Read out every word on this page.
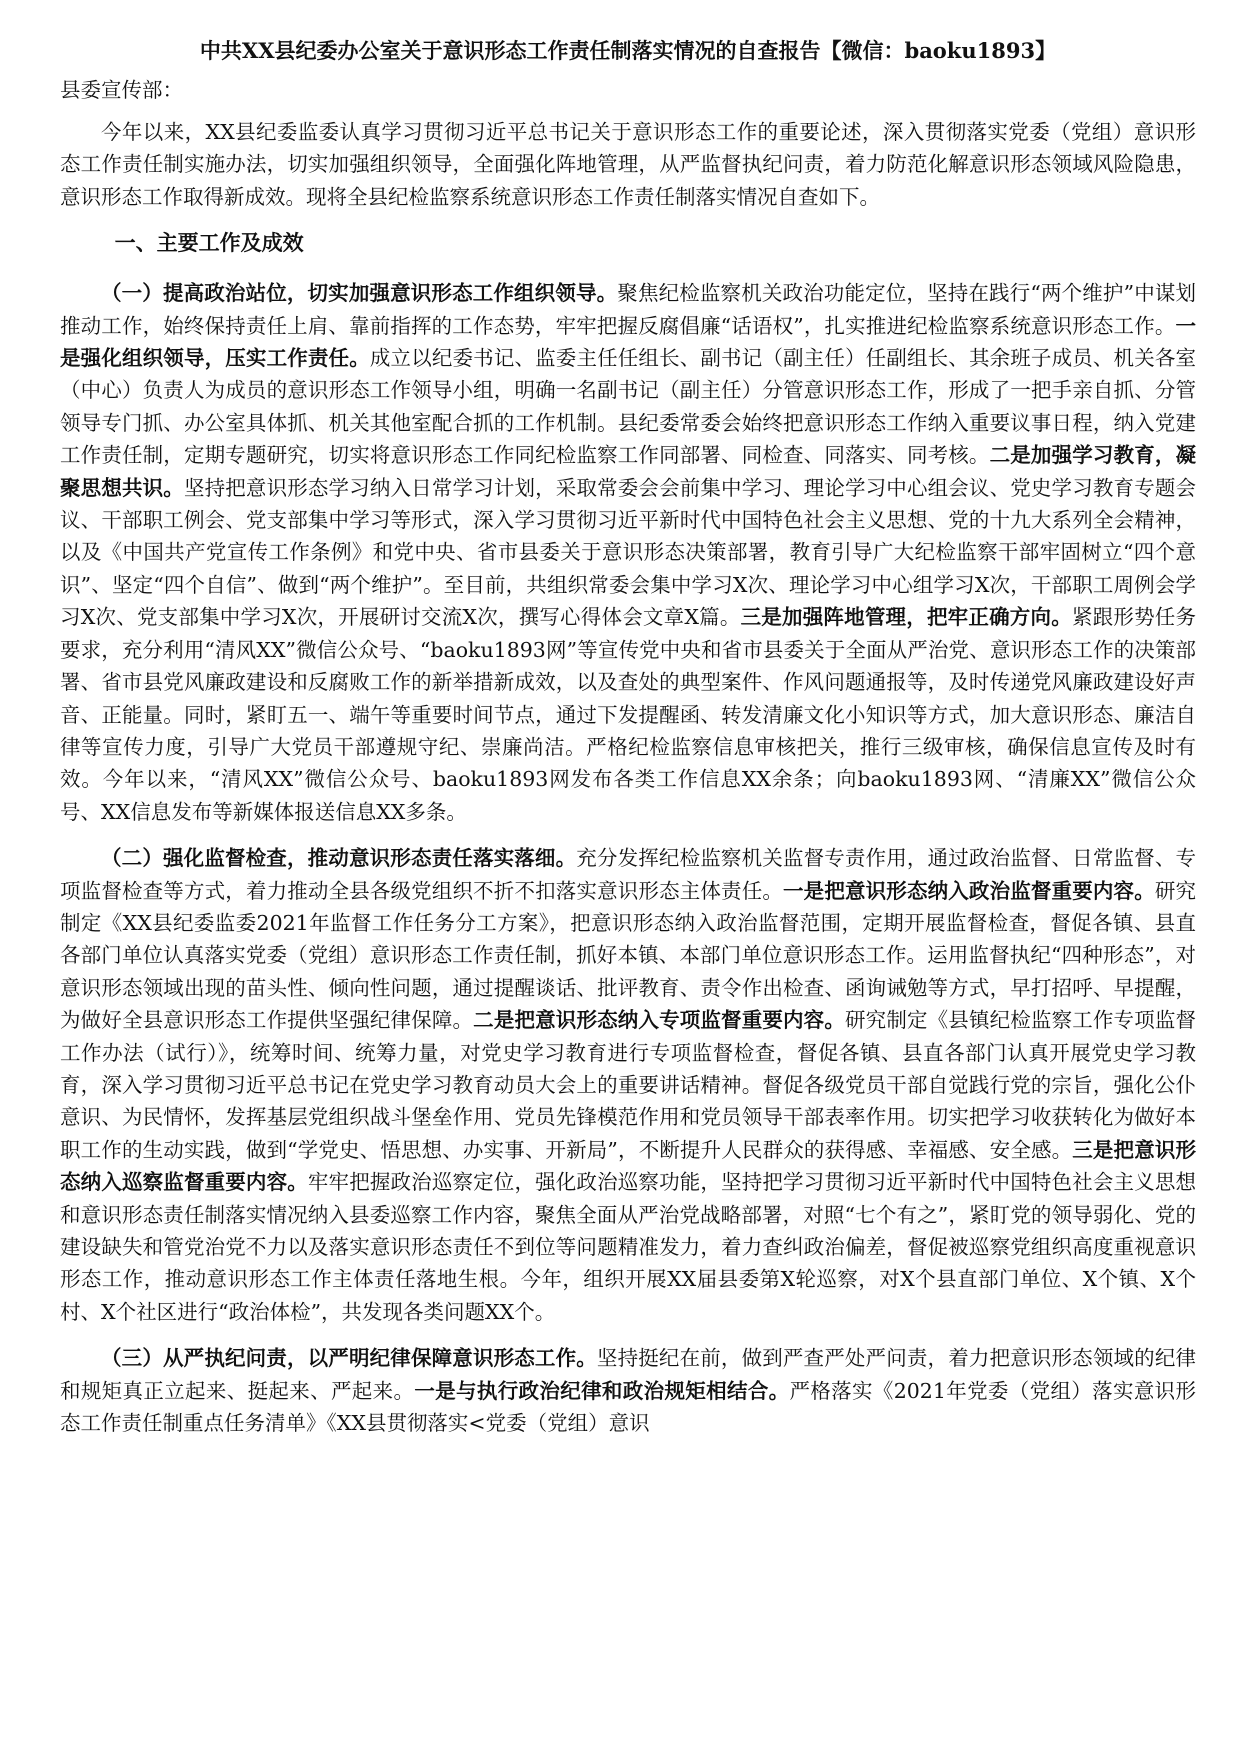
中共XX县纪委办公室关于意识形态工作责任制落实情况的自查报告【微信：baoku1893】
县委宣传部：

今年以来，XX县纪委监委认真学习贯彻习近平总书记关于意识形态工作的重要论述，深入贯彻落实党委（党组）意识形态工作责任制实施办法，切实加强组织领导，全面强化阵地管理，从严监督执纪问责，着力防范化解意识形态领域风险隐患，意识形态工作取得新成效。现将全县纪检监察系统意识形态工作责任制落实情况自查如下。

一、主要工作及成效

（一）提高政治站位，切实加强意识形态工作组织领导。聚焦纪检监察机关政治功能定位，坚持在践行“两个维护”中谋划推动工作，始终保持责任上肩、靠前指挥的工作态势，牢牢把握反腐倡廉“话语权”，扎实推进纪检监察系统意识形态工作。一是强化组织领导，压实工作责任。成立以纪委书记、监委主任任组长、副书记（副主任）任副组长、其余班子成员、机关各室（中心）负责人为成员的意识形态工作领导小组，明确一名副书记（副主任）分管意识形态工作，形成了一把手亲自抓、分管领导专门抓、办公室具体抓、机关其他室配合抓的工作机制。县纪委常委会始终把意识形态工作纳入重要议事日程，纳入党建工作责任制，定期专题研究，切实将意识形态工作同纪检监察工作同部署、同检查、同落实、同考核。二是加强学习教育，凝聚思想共识。坚持把意识形态学习纳入日常学习计划，采取常委会会前集中学习、理论学习中心组会议、党史学习教育专题会议、干部职工例会、党支部集中学习等形式，深入学习贯彻习近平新时代中国特色社会主义思想、党的十九大系列全会精神，以及《中国共产党宣传工作条例》和党中央、省市县委关于意识形态决策部署，教育引导广大纪检监察干部牢固树立“四个意识”、坚定“四个自信”、做到“两个维护”。至目前，共组织常委会集中学习X次、理论学习中心组学习X次，干部职工周例会学习X次、党支部集中学习X次，开展研讨交流X次，撰写心得体会文章X篇。三是加强阵地管理，把牢正确方向。紧跟形势任务要求，充分利用“清风XX”微信公众号、“baoku1893网”等宣传党中央和省市县委关于全面从严治党、意识形态工作的决策部署、省市县党风廉政建设和反腐败工作的新举措新成效，以及查处的典型案件、作风问题通报等，及时传递党风廉政建设好声音、正能量。同时，紧盯五一、端午等重要时间节点，通过下发提醒函、转发清廉文化小知识等方式，加大意识形态、廉洁自律等宣传力度，引导广大党员干部遵规守纪、崇廉尚洁。严格纪检监察信息审核把关，推行三级审核，确保信息宣传及时有效。今年以来，“清风XX”微信公众号、baoku1893网发布各类工作信息XX余条；向baoku1893网、“清廉XX”微信公众号、XX信息发布等新媒体报送信息XX多条。

（二）强化监督检查，推动意识形态责任落实落细。充分发挥纪检监察机关监督专责作用，通过政治监督、日常监督、专项监督检查等方式，着力推动全县各级党组织不折不扣落实意识形态主体责任。一是把意识形态纳入政治监督重要内容。研究制定《XX县纪委监委2021年监督工作任务分工方案》，把意识形态纳入政治监督范围，定期开展监督检查，督促各镇、县直各部门单位认真落实党委（党组）意识形态工作责任制，抓好本镇、本部门单位意识形态工作。运用监督执纪“四种形态”，对意识形态领域出现的苗头性、倾向性问题，通过提醒谈话、批评教育、责令作出检查、函询诫勉等方式，早打招呼、早提醒，为做好全县意识形态工作提供坚强纪律保障。二是把意识形态纳入专项监督重要内容。研究制定《县镇纪检监察工作专项监督工作办法（试行）》，统筹时间、统筹力量，对党史学习教育进行专项监督检查，督促各镇、县直各部门认真开展党史学习教育，深入学习贯彻习近平总书记在党史学习教育动员大会上的重要讲话精神。督促各级党员干部自觉践行党的宗旨，强化公仆意识、为民情怀，发挥基层党组织战斗堡垒作用、党员先锋模范作用和党员领导干部表率作用。切实把学习收获转化为做好本职工作的生动实践，做到“学党史、悟思想、办实事、开新局”，不断提升人民群众的获得感、幸福感、安全感。三是把意识形态纳入巡察监督重要内容。牢牢把握政治巡察定位，强化政治巡察功能，坚持把学习贯彻习近平新时代中国特色社会主义思想和意识形态责任制落实情况纳入县委巡察工作内容，聚焦全面从严治党战略部署，对照“七个有之”，紧盯党的领导弱化、党的建设缺失和管党治党不力以及落实意识形态责任不到位等问题精准发力，着力查纠政治偏差，督促被巡察党组织高度重视意识形态工作，推动意识形态工作主体责任落地生根。今年，组织开展XX届县委第X轮巡察，对X个县直部门单位、X个镇、X个村、X个社区进行“政治体检”，共发现各类问题XX个。

（三）从严执纪问责，以严明纪律保障意识形态工作。坚持挺纪在前，做到严查严处严问责，着力把意识形态领域的纪律和规矩真正立起来、挺起来、严起来。一是与执行政治纪律和政治规矩相结合。严格落实《2021年党委（党组）落实意识形态工作责任制重点任务清单》《XX县贯彻落实<党委（党组）意识
